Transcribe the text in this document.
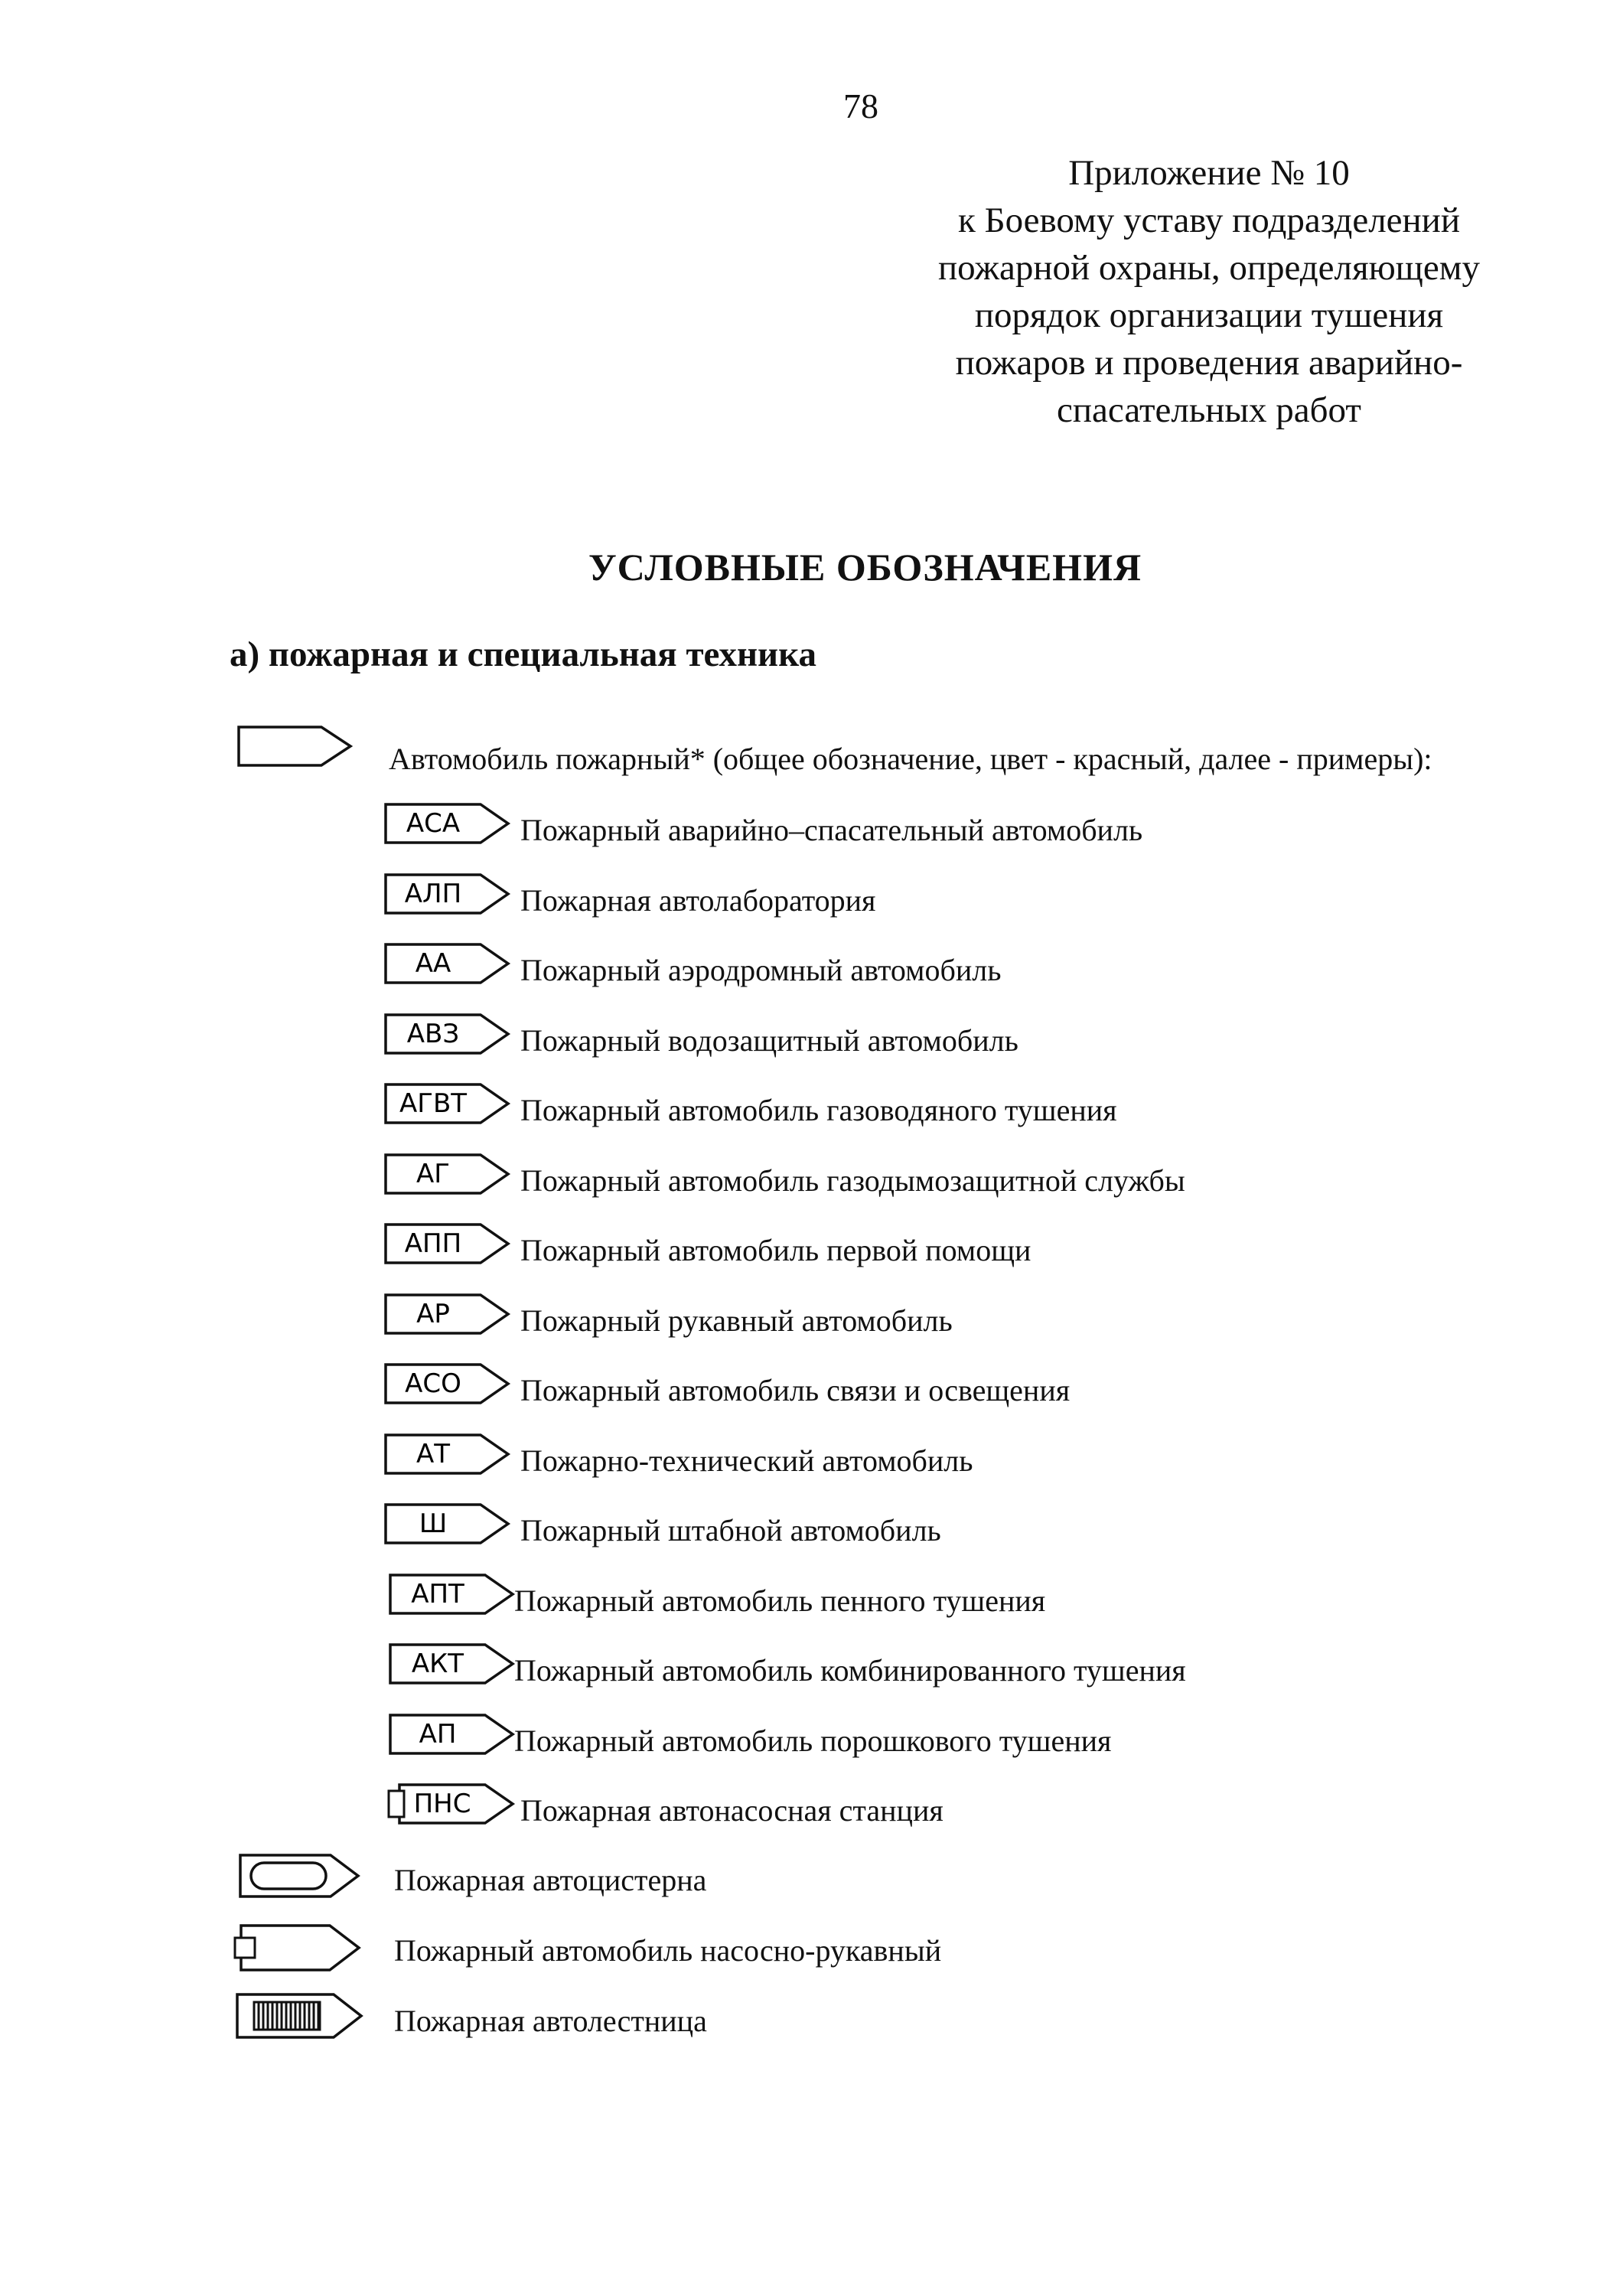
78
Приложение № 10
к Боевому уставу подразделений
пожарной охраны, определяющему
порядок организации тушения
пожаров и проведения аварийно-
спасательных работ
УСЛОВНЫЕ ОБОЗНАЧЕНИЯ
а) пожарная и специальная техника
Автомобиль пожарный* (общее обозначение, цвет - красный, далее - примеры):
АСА Пожарный аварийно–спасательный автомобиль
АЛП Пожарная автолаборатория
АА Пожарный аэродромный автомобиль
АВЗ Пожарный водозащитный автомобиль
АГВТ Пожарный автомобиль газоводяного тушения
АГ Пожарный автомобиль газодымозащитной службы
АПП Пожарный автомобиль первой помощи
АР Пожарный рукавный автомобиль
АСО Пожарный автомобиль связи и освещения
АТ Пожарно-технический автомобиль
Ш Пожарный штабной автомобиль
АПТ Пожарный автомобиль пенного тушения
АКТ Пожарный автомобиль комбинированного тушения
АП Пожарный автомобиль порошкового тушения
ПНС Пожарная автонасосная станция
Пожарная автоцистерна
Пожарный автомобиль насосно-рукавный
Пожарная автолестница
